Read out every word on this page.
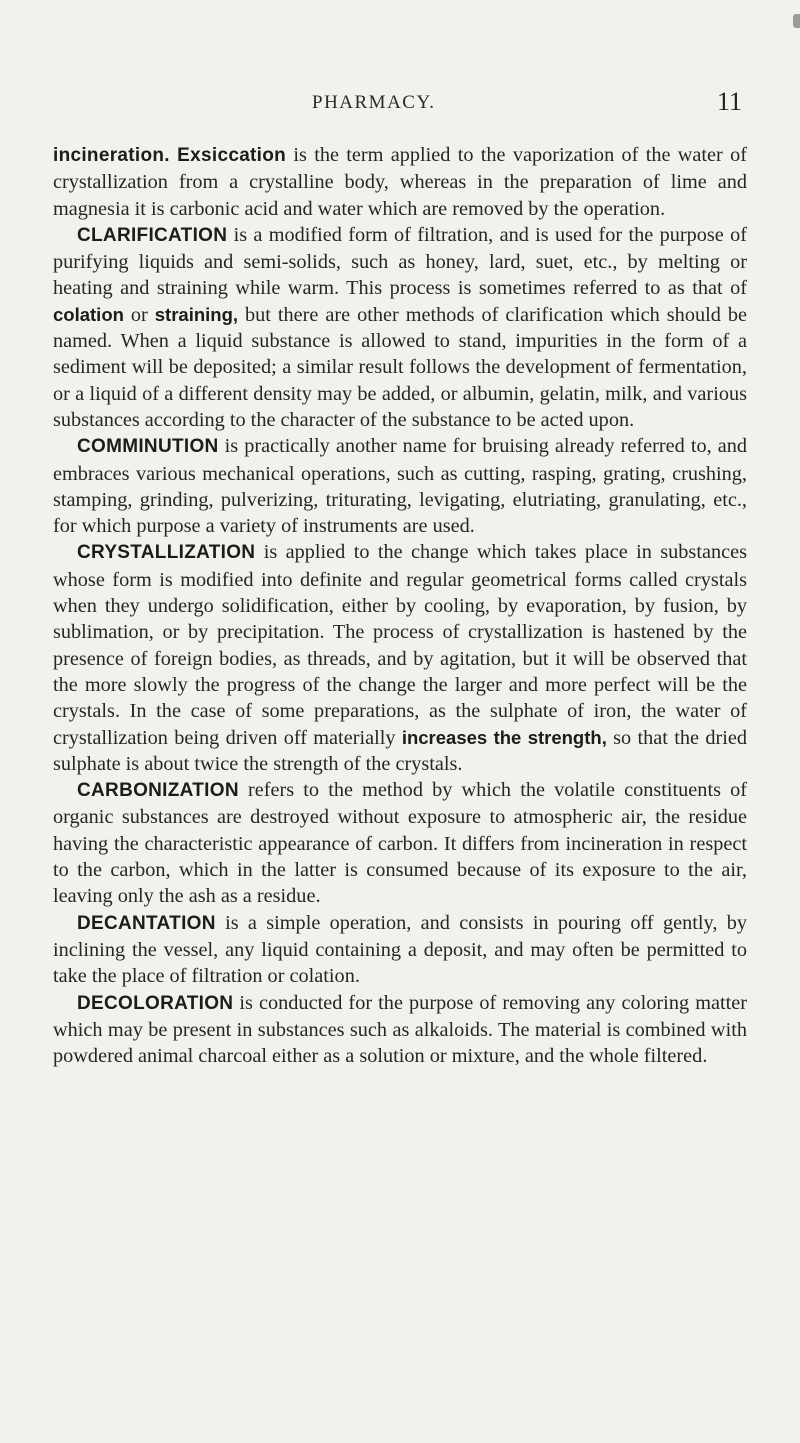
PHARMACY.	11

incineration. Exsiccation is the term applied to the vaporization of the water of crystallization from a crystalline body, whereas in the preparation of lime and magnesia it is carbonic acid and water which are removed by the operation.

CLARIFICATION is a modified form of filtration, and is used for the purpose of purifying liquids and semi-solids, such as honey, lard, suet, etc., by melting or heating and straining while warm. This process is sometimes referred to as that of colation or straining, but there are other methods of clarification which should be named. When a liquid substance is allowed to stand, impurities in the form of a sediment will be deposited; a similar result follows the development of fermentation, or a liquid of a different density may be added, or albumin, gelatin, milk, and various substances according to the character of the substance to be acted upon.

COMMINUTION is practically another name for bruising already referred to, and embraces various mechanical operations, such as cutting, rasping, grating, crushing, stamping, grinding, pulverizing, triturating, levigating, elutriating, granulating, etc., for which purpose a variety of instruments are used.

CRYSTALLIZATION is applied to the change which takes place in substances whose form is modified into definite and regular geometrical forms called crystals when they undergo solidification, either by cooling, by evaporation, by fusion, by sublimation, or by precipitation. The process of crystallization is hastened by the presence of foreign bodies, as threads, and by agitation, but it will be observed that the more slowly the progress of the change the larger and more perfect will be the crystals. In the case of some preparations, as the sulphate of iron, the water of crystallization being driven off materially increases the strength, so that the dried sulphate is about twice the strength of the crystals.

CARBONIZATION refers to the method by which the volatile constituents of organic substances are destroyed without exposure to atmospheric air, the residue having the characteristic appearance of carbon. It differs from incineration in respect to the carbon, which in the latter is consumed because of its exposure to the air, leaving only the ash as a residue.

DECANTATION is a simple operation, and consists in pouring off gently, by inclining the vessel, any liquid containing a deposit, and may often be permitted to take the place of filtration or colation.

DECOLORATION is conducted for the purpose of removing any coloring matter which may be present in substances such as alkaloids. The material is combined with powdered animal charcoal either as a solution or mixture, and the whole filtered.
